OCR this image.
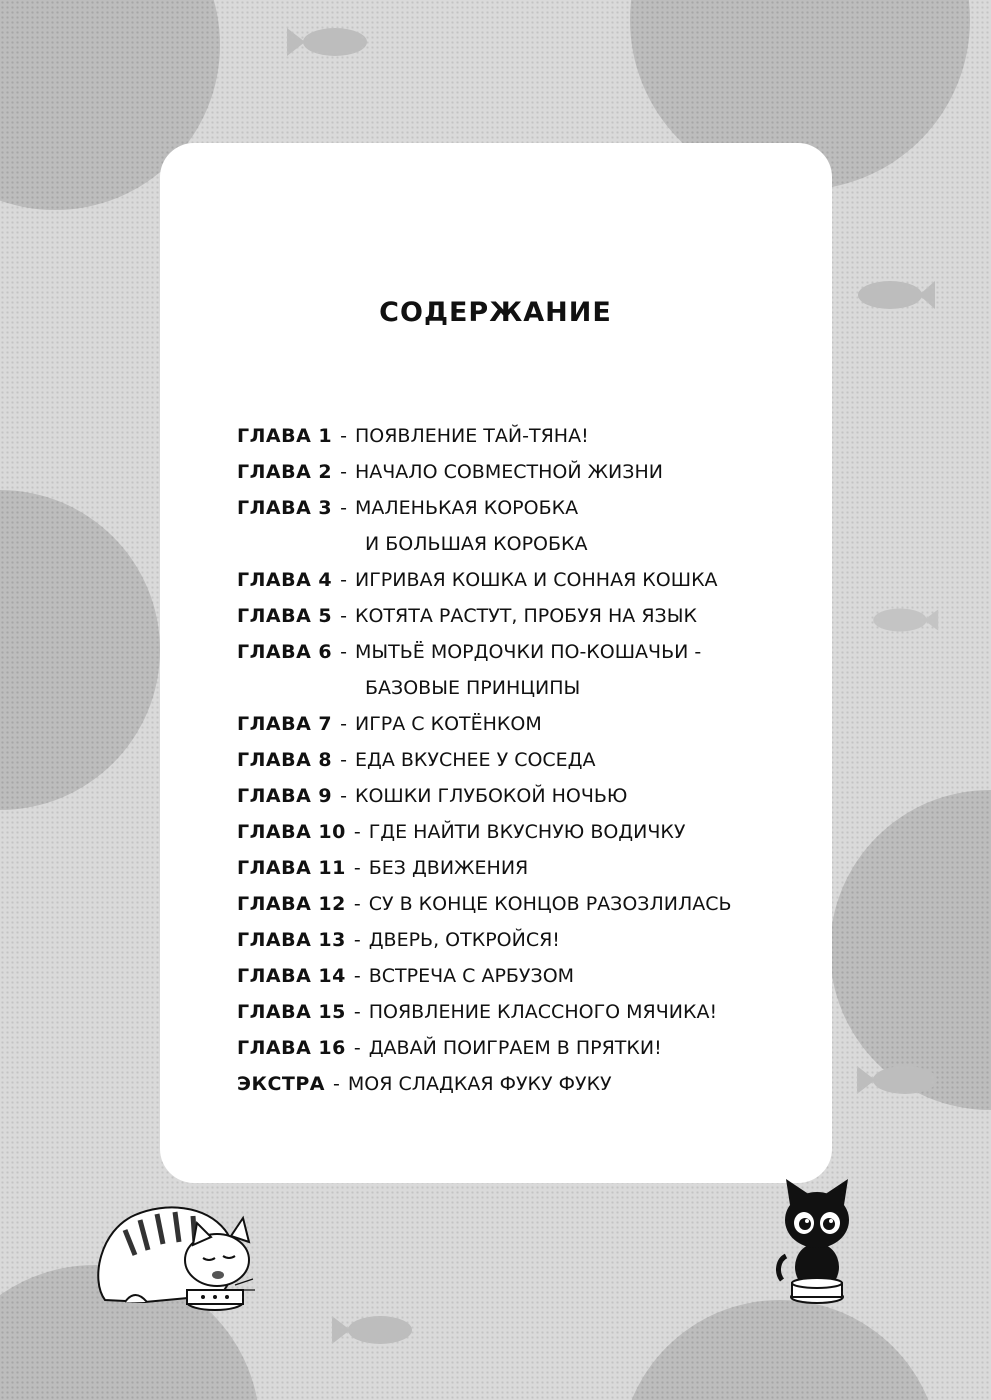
СОДЕРЖАНИЕ
ГЛАВА 1 - ПОЯВЛЕНИЕ ТАЙ-ТЯНА!
ГЛАВА 2 - НАЧАЛО СОВМЕСТНОЙ ЖИЗНИ
ГЛАВА 3 - МАЛЕНЬКАЯ КОРОБКА
И БОЛЬШАЯ КОРОБКА
ГЛАВА 4 - ИГРИВАЯ КОШКА И СОННАЯ КОШКА
ГЛАВА 5 - КОТЯТА РАСТУТ, ПРОБУЯ НА ЯЗЫК
ГЛАВА 6 - МЫТЬЁ МОРДОЧКИ ПО-КОШАЧЬИ -
БАЗОВЫЕ ПРИНЦИПЫ
ГЛАВА 7 - ИГРА С КОТЁНКОМ
ГЛАВА 8 - ЕДА ВКУСНЕЕ У СОСЕДА
ГЛАВА 9 - КОШКИ ГЛУБОКОЙ НОЧЬЮ
ГЛАВА 10 - ГДЕ НАЙТИ ВКУСНУЮ ВОДИЧКУ
ГЛАВА 11 - БЕЗ ДВИЖЕНИЯ
ГЛАВА 12 - СУ В КОНЦЕ КОНЦОВ РАЗОЗЛИЛАСЬ
ГЛАВА 13 - ДВЕРЬ, ОТКРОЙСЯ!
ГЛАВА 14 - ВСТРЕЧА С АРБУЗОМ
ГЛАВА 15 - ПОЯВЛЕНИЕ КЛАССНОГО МЯЧИКА!
ГЛАВА 16 - ДАВАЙ ПОИГРАЕМ В ПРЯТКИ!
ЭКСТРА - МОЯ СЛАДКАЯ ФУКУ ФУКУ
